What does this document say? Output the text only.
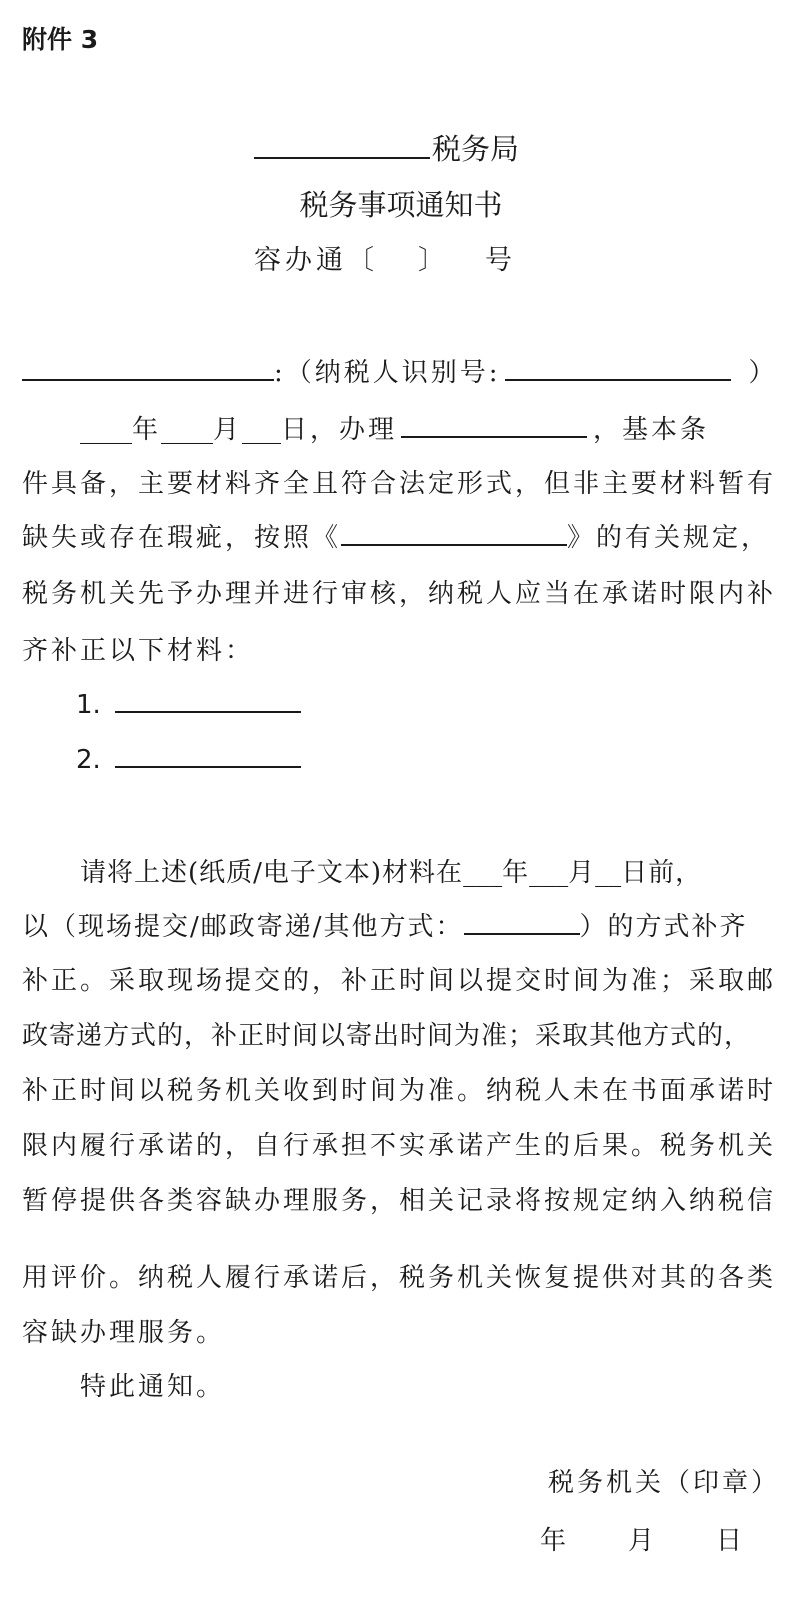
附件 3
税务局
税务事项通知书
容办通〔 〕 号
:（纳税人识别号:	）
____年____月___日，办理	，基本条
件具备，主要材料齐全且符合法定形式，但非主要材料暂有
缺失或存在瑕疵，按照《	》的有关规定，
税务机关先予办理并进行审核，纳税人应当在承诺时限内补
齐补正以下材料：
1.
2.
请将上述(纸质/电子文本)材料在___年___月__日前，
以（现场提交/邮政寄递/其他方式：	）的方式补齐
补正。采取现场提交的，补正时间以提交时间为准；采取邮
政寄递方式的，补正时间以寄出时间为准；采取其他方式的，
补正时间以税务机关收到时间为准。纳税人未在书面承诺时
限内履行承诺的，自行承担不实承诺产生的后果。税务机关
暂停提供各类容缺办理服务，相关记录将按规定纳入纳税信
用评价。纳税人履行承诺后，税务机关恢复提供对其的各类
容缺办理服务。
特此通知。
税务机关（印章）
年 月 日
